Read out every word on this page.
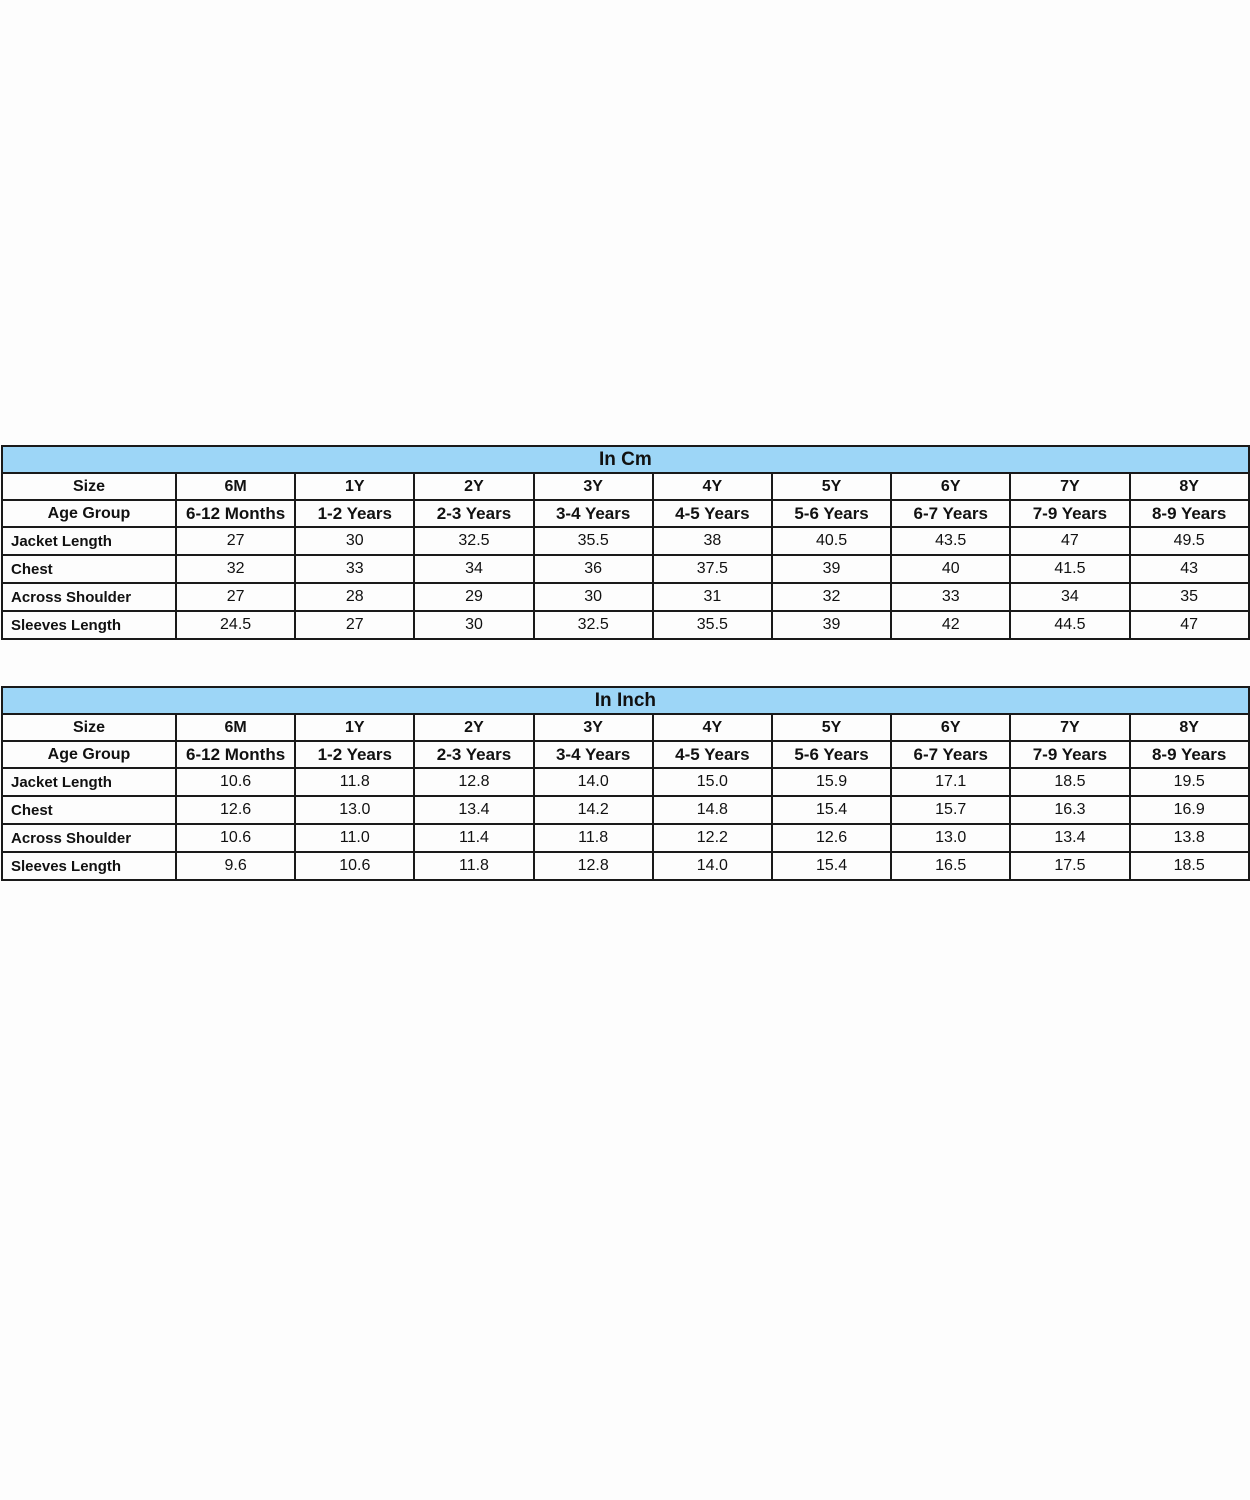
In Cm									
Size	6M	1Y	2Y	3Y	4Y	5Y	6Y	7Y	8Y
Age Group	6-12 Months	1-2 Years	2-3 Years	3-4 Years	4-5 Years	5-6 Years	6-7 Years	7-9 Years	8-9 Years
Jacket Length	27	30	32.5	35.5	38	40.5	43.5	47	49.5
Chest	32	33	34	36	37.5	39	40	41.5	43
Across Shoulder	27	28	29	30	31	32	33	34	35
Sleeves Length	24.5	27	30	32.5	35.5	39	42	44.5	47
In Inch									
Size	6M	1Y	2Y	3Y	4Y	5Y	6Y	7Y	8Y
Age Group	6-12 Months	1-2 Years	2-3 Years	3-4 Years	4-5 Years	5-6 Years	6-7 Years	7-9 Years	8-9 Years
Jacket Length	10.6	11.8	12.8	14.0	15.0	15.9	17.1	18.5	19.5
Chest	12.6	13.0	13.4	14.2	14.8	15.4	15.7	16.3	16.9
Across Shoulder	10.6	11.0	11.4	11.8	12.2	12.6	13.0	13.4	13.8
Sleeves Length	9.6	10.6	11.8	12.8	14.0	15.4	16.5	17.5	18.5
